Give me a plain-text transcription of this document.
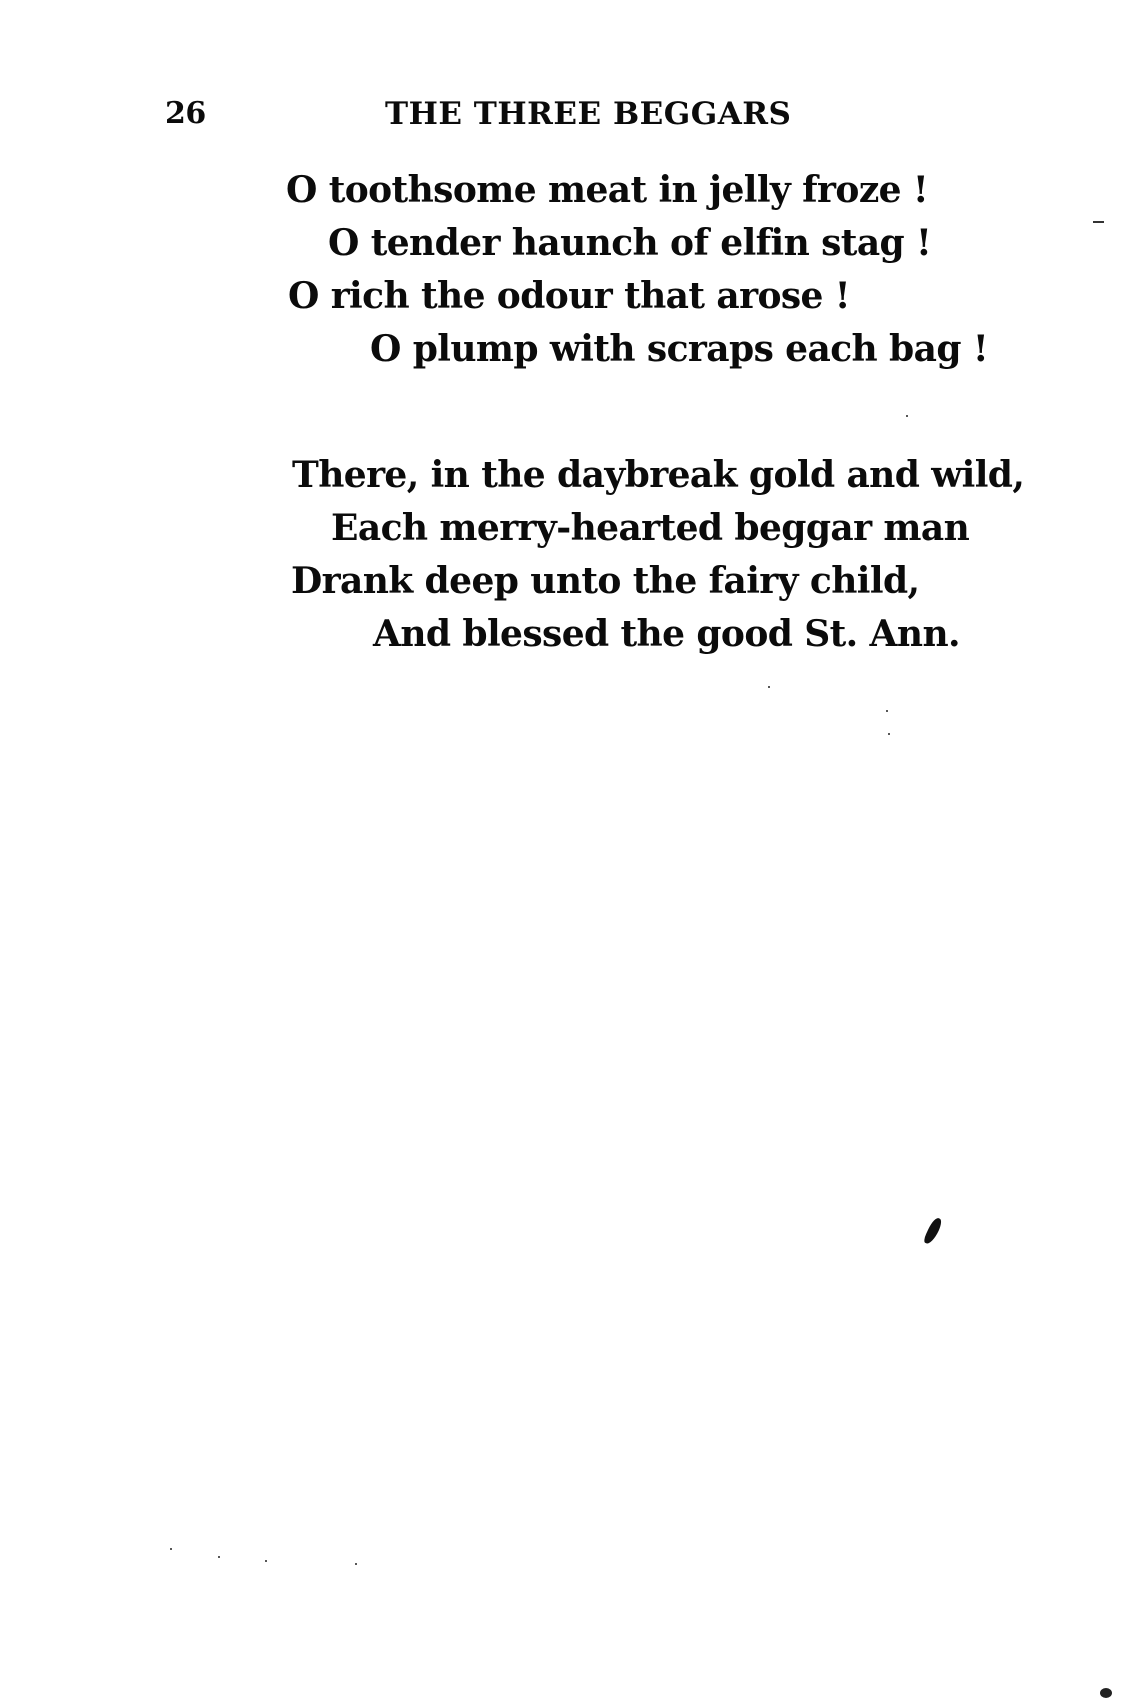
26	THE THREE BEGGARS
O toothsome meat in jelly froze !
O tender haunch of elfin stag !
O rich the odour that arose !
O plump with scraps each bag !
There, in the daybreak gold and wild,
Each merry-hearted beggar man
Drank deep unto the fairy child,
And blessed the good St. Ann.
